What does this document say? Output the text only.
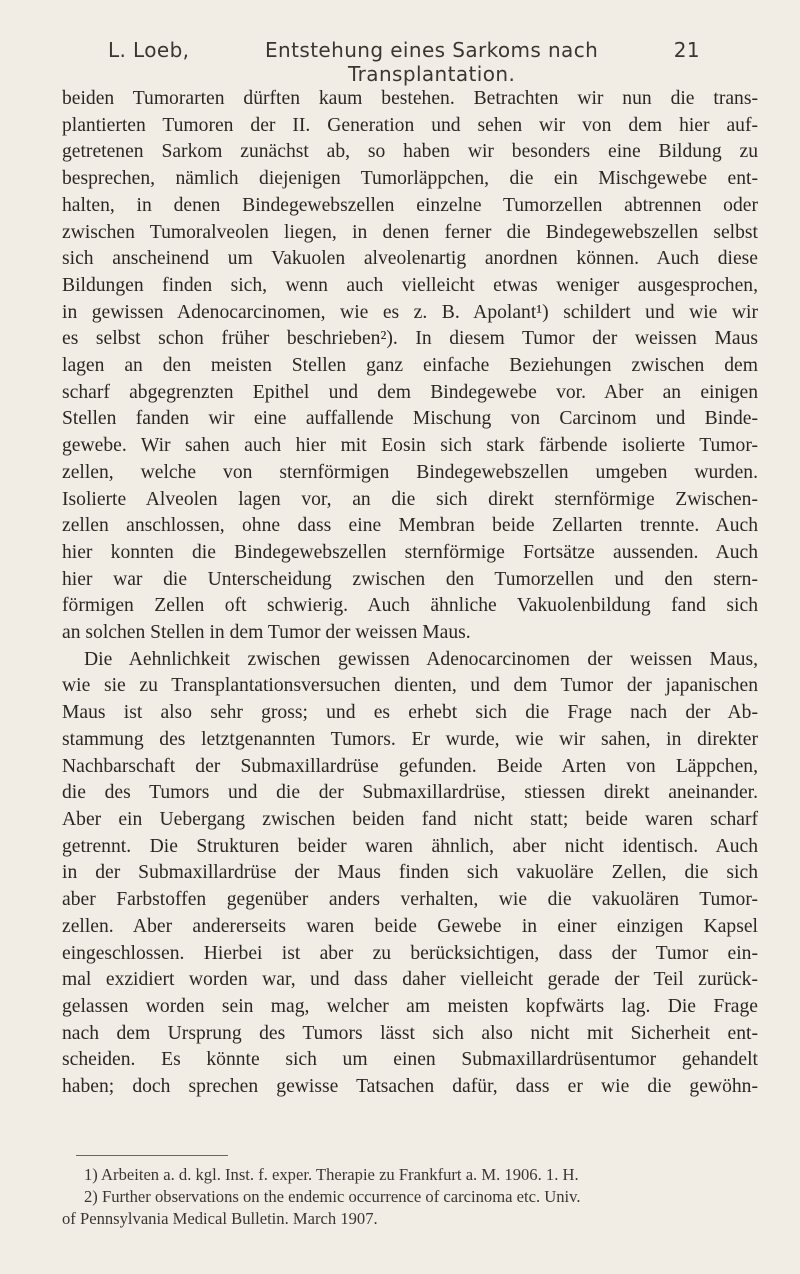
L. Loeb,	Entstehung eines Sarkoms nach Transplantation.
21
beiden Tumorarten dürften kaum bestehen. Betrachten wir nun die trans-
plantierten Tumoren der II. Generation und sehen wir von dem hier auf-
getretenen Sarkom zunächst ab, so haben wir besonders eine Bildung zu
besprechen, nämlich diejenigen Tumorläppchen, die ein Mischgewebe ent-
halten, in denen Bindegewebszellen einzelne Tumorzellen abtrennen oder
zwischen Tumoralveolen liegen, in denen ferner die Bindegewebszellen selbst
sich anscheinend um Vakuolen alveolenartig anordnen können. Auch diese
Bildungen finden sich, wenn auch vielleicht etwas weniger ausgesprochen,
in gewissen Adenocarcinomen, wie es z. B. Apolant¹) schildert und wie wir
es selbst schon früher beschrieben²). In diesem Tumor der weissen Maus
lagen an den meisten Stellen ganz einfache Beziehungen zwischen dem
scharf abgegrenzten Epithel und dem Bindegewebe vor. Aber an einigen
Stellen fanden wir eine auffallende Mischung von Carcinom und Binde-
gewebe. Wir sahen auch hier mit Eosin sich stark färbende isolierte Tumor-
zellen, welche von sternförmigen Bindegewebszellen umgeben wurden.
Isolierte Alveolen lagen vor, an die sich direkt sternförmige Zwischen-
zellen anschlossen, ohne dass eine Membran beide Zellarten trennte. Auch
hier konnten die Bindegewebszellen sternförmige Fortsätze aussenden. Auch
hier war die Unterscheidung zwischen den Tumorzellen und den stern-
förmigen Zellen oft schwierig. Auch ähnliche Vakuolenbildung fand sich
an solchen Stellen in dem Tumor der weissen Maus.
Die Aehnlichkeit zwischen gewissen Adenocarcinomen der weissen Maus,
wie sie zu Transplantationsversuchen dienten, und dem Tumor der japanischen
Maus ist also sehr gross; und es erhebt sich die Frage nach der Ab-
stammung des letztgenannten Tumors. Er wurde, wie wir sahen, in direkter
Nachbarschaft der Submaxillardrüse gefunden. Beide Arten von Läppchen,
die des Tumors und die der Submaxillardrüse, stiessen direkt aneinander.
Aber ein Uebergang zwischen beiden fand nicht statt; beide waren scharf
getrennt. Die Strukturen beider waren ähnlich, aber nicht identisch. Auch
in der Submaxillardrüse der Maus finden sich vakuoläre Zellen, die sich
aber Farbstoffen gegenüber anders verhalten, wie die vakuolären Tumor-
zellen. Aber andererseits waren beide Gewebe in einer einzigen Kapsel
eingeschlossen. Hierbei ist aber zu berücksichtigen, dass der Tumor ein-
mal exzidiert worden war, und dass daher vielleicht gerade der Teil zurück-
gelassen worden sein mag, welcher am meisten kopfwärts lag. Die Frage
nach dem Ursprung des Tumors lässt sich also nicht mit Sicherheit ent-
scheiden. Es könnte sich um einen Submaxillardrüsentumor gehandelt
haben; doch sprechen gewisse Tatsachen dafür, dass er wie die gewöhn-
1) Arbeiten a. d. kgl. Inst. f. exper. Therapie zu Frankfurt a. M. 1906. 1. H.
2) Further observations on the endemic occurrence of carcinoma etc. Univ.
of Pennsylvania Medical Bulletin. March 1907.
